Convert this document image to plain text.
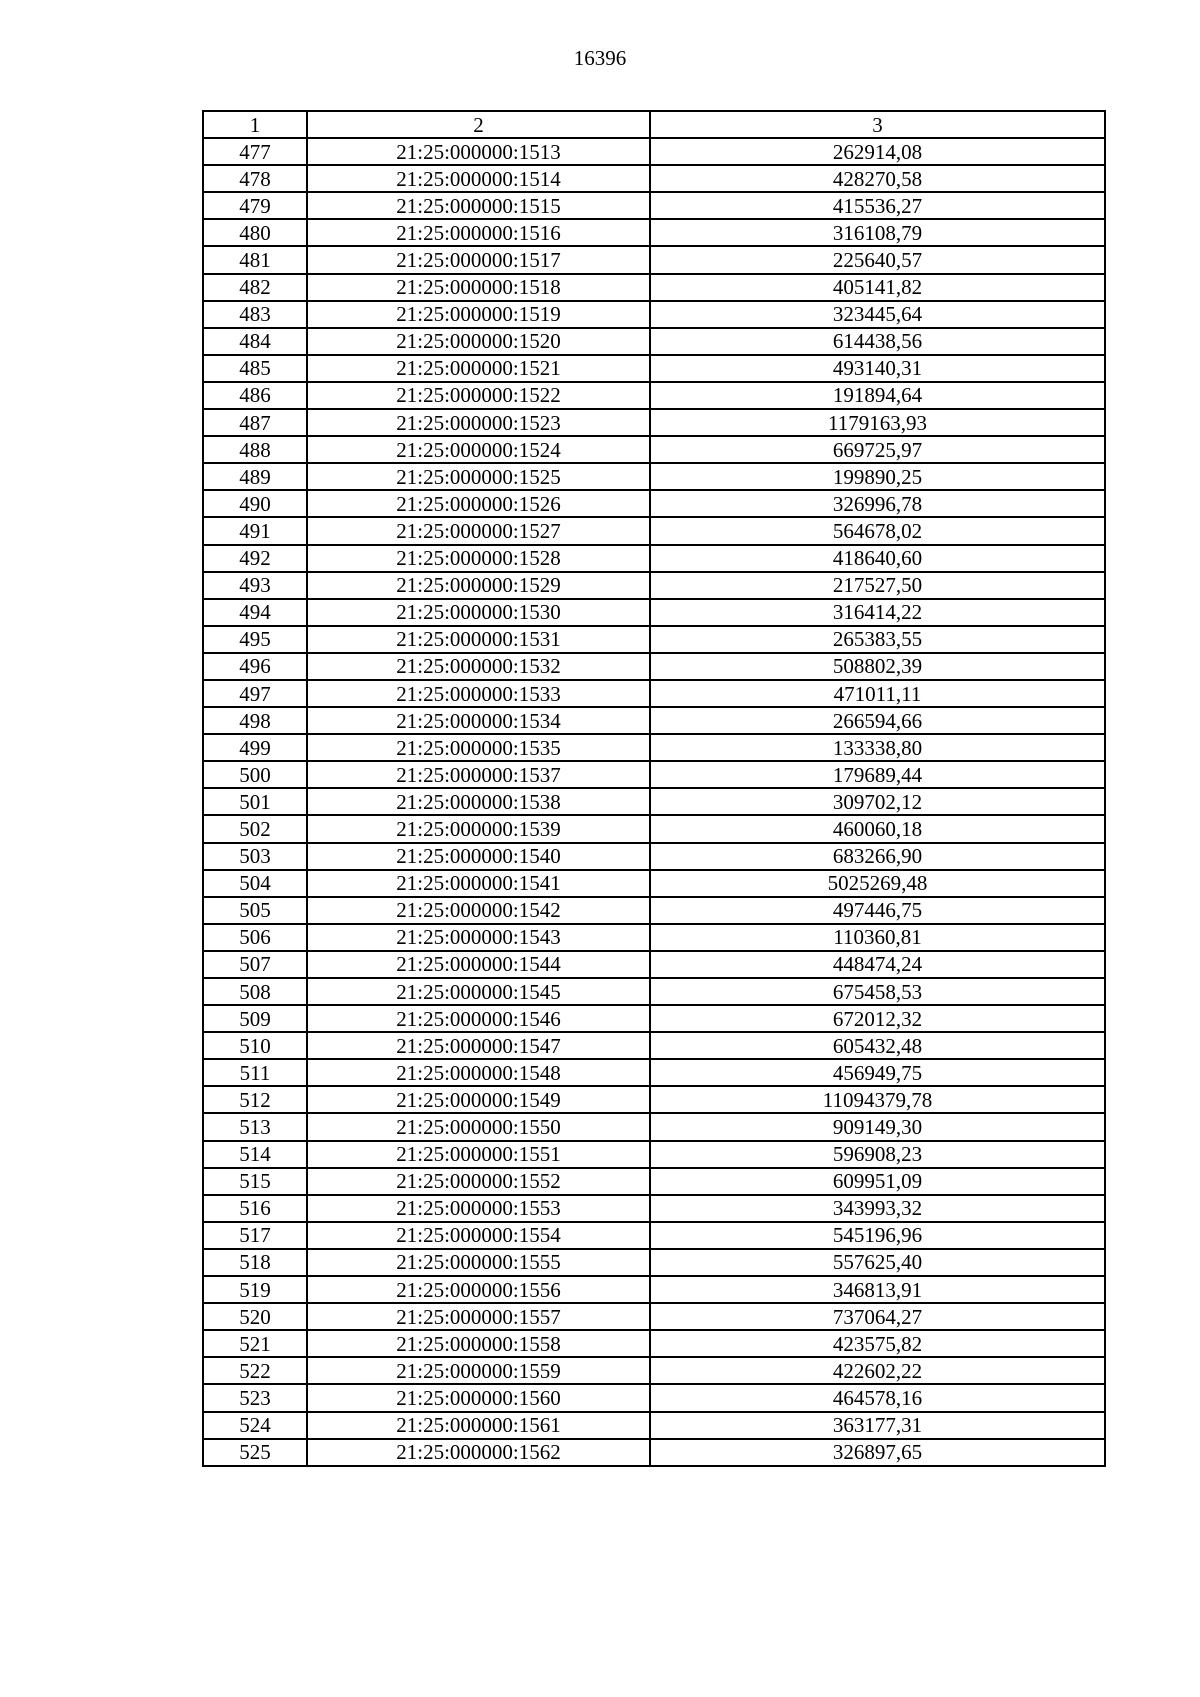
16396
1	2	3
477	21:25:000000:1513	262914,08
478	21:25:000000:1514	428270,58
479	21:25:000000:1515	415536,27
480	21:25:000000:1516	316108,79
481	21:25:000000:1517	225640,57
482	21:25:000000:1518	405141,82
483	21:25:000000:1519	323445,64
484	21:25:000000:1520	614438,56
485	21:25:000000:1521	493140,31
486	21:25:000000:1522	191894,64
487	21:25:000000:1523	1179163,93
488	21:25:000000:1524	669725,97
489	21:25:000000:1525	199890,25
490	21:25:000000:1526	326996,78
491	21:25:000000:1527	564678,02
492	21:25:000000:1528	418640,60
493	21:25:000000:1529	217527,50
494	21:25:000000:1530	316414,22
495	21:25:000000:1531	265383,55
496	21:25:000000:1532	508802,39
497	21:25:000000:1533	471011,11
498	21:25:000000:1534	266594,66
499	21:25:000000:1535	133338,80
500	21:25:000000:1537	179689,44
501	21:25:000000:1538	309702,12
502	21:25:000000:1539	460060,18
503	21:25:000000:1540	683266,90
504	21:25:000000:1541	5025269,48
505	21:25:000000:1542	497446,75
506	21:25:000000:1543	110360,81
507	21:25:000000:1544	448474,24
508	21:25:000000:1545	675458,53
509	21:25:000000:1546	672012,32
510	21:25:000000:1547	605432,48
511	21:25:000000:1548	456949,75
512	21:25:000000:1549	11094379,78
513	21:25:000000:1550	909149,30
514	21:25:000000:1551	596908,23
515	21:25:000000:1552	609951,09
516	21:25:000000:1553	343993,32
517	21:25:000000:1554	545196,96
518	21:25:000000:1555	557625,40
519	21:25:000000:1556	346813,91
520	21:25:000000:1557	737064,27
521	21:25:000000:1558	423575,82
522	21:25:000000:1559	422602,22
523	21:25:000000:1560	464578,16
524	21:25:000000:1561	363177,31
525	21:25:000000:1562	326897,65
